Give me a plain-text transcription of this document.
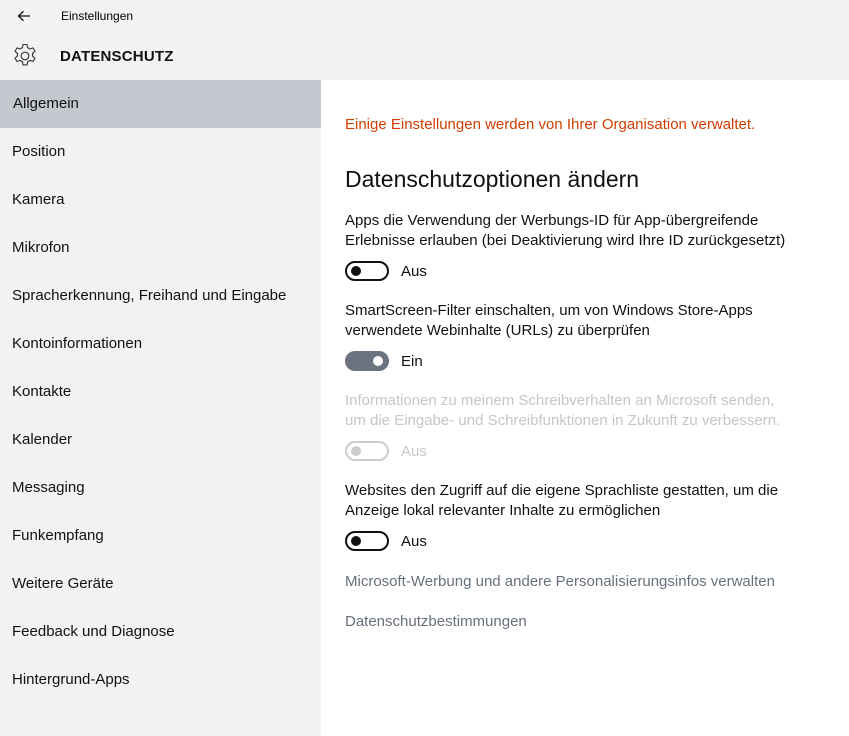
Einstellungen
DATENSCHUTZ
Allgemein
Position
Kamera
Mikrofon
Spracherkennung, Freihand und Eingabe
Kontoinformationen
Kontakte
Kalender
Messaging
Funkempfang
Weitere Geräte
Feedback und Diagnose
Hintergrund-Apps
Einige Einstellungen werden von Ihrer Organisation verwaltet.
Datenschutzoptionen ändern
Apps die Verwendung der Werbungs-ID für App-übergreifende
Erlebnisse erlauben (bei Deaktivierung wird Ihre ID zurückgesetzt)
Aus
SmartScreen-Filter einschalten, um von Windows Store-Apps
verwendete Webinhalte (URLs) zu überprüfen
Ein
Informationen zu meinem Schreibverhalten an Microsoft senden,
um die Eingabe- und Schreibfunktionen in Zukunft zu verbessern.
Aus
Websites den Zugriff auf die eigene Sprachliste gestatten, um die
Anzeige lokal relevanter Inhalte zu ermöglichen
Aus
Microsoft-Werbung und andere Personalisierungsinfos verwalten
Datenschutzbestimmungen
